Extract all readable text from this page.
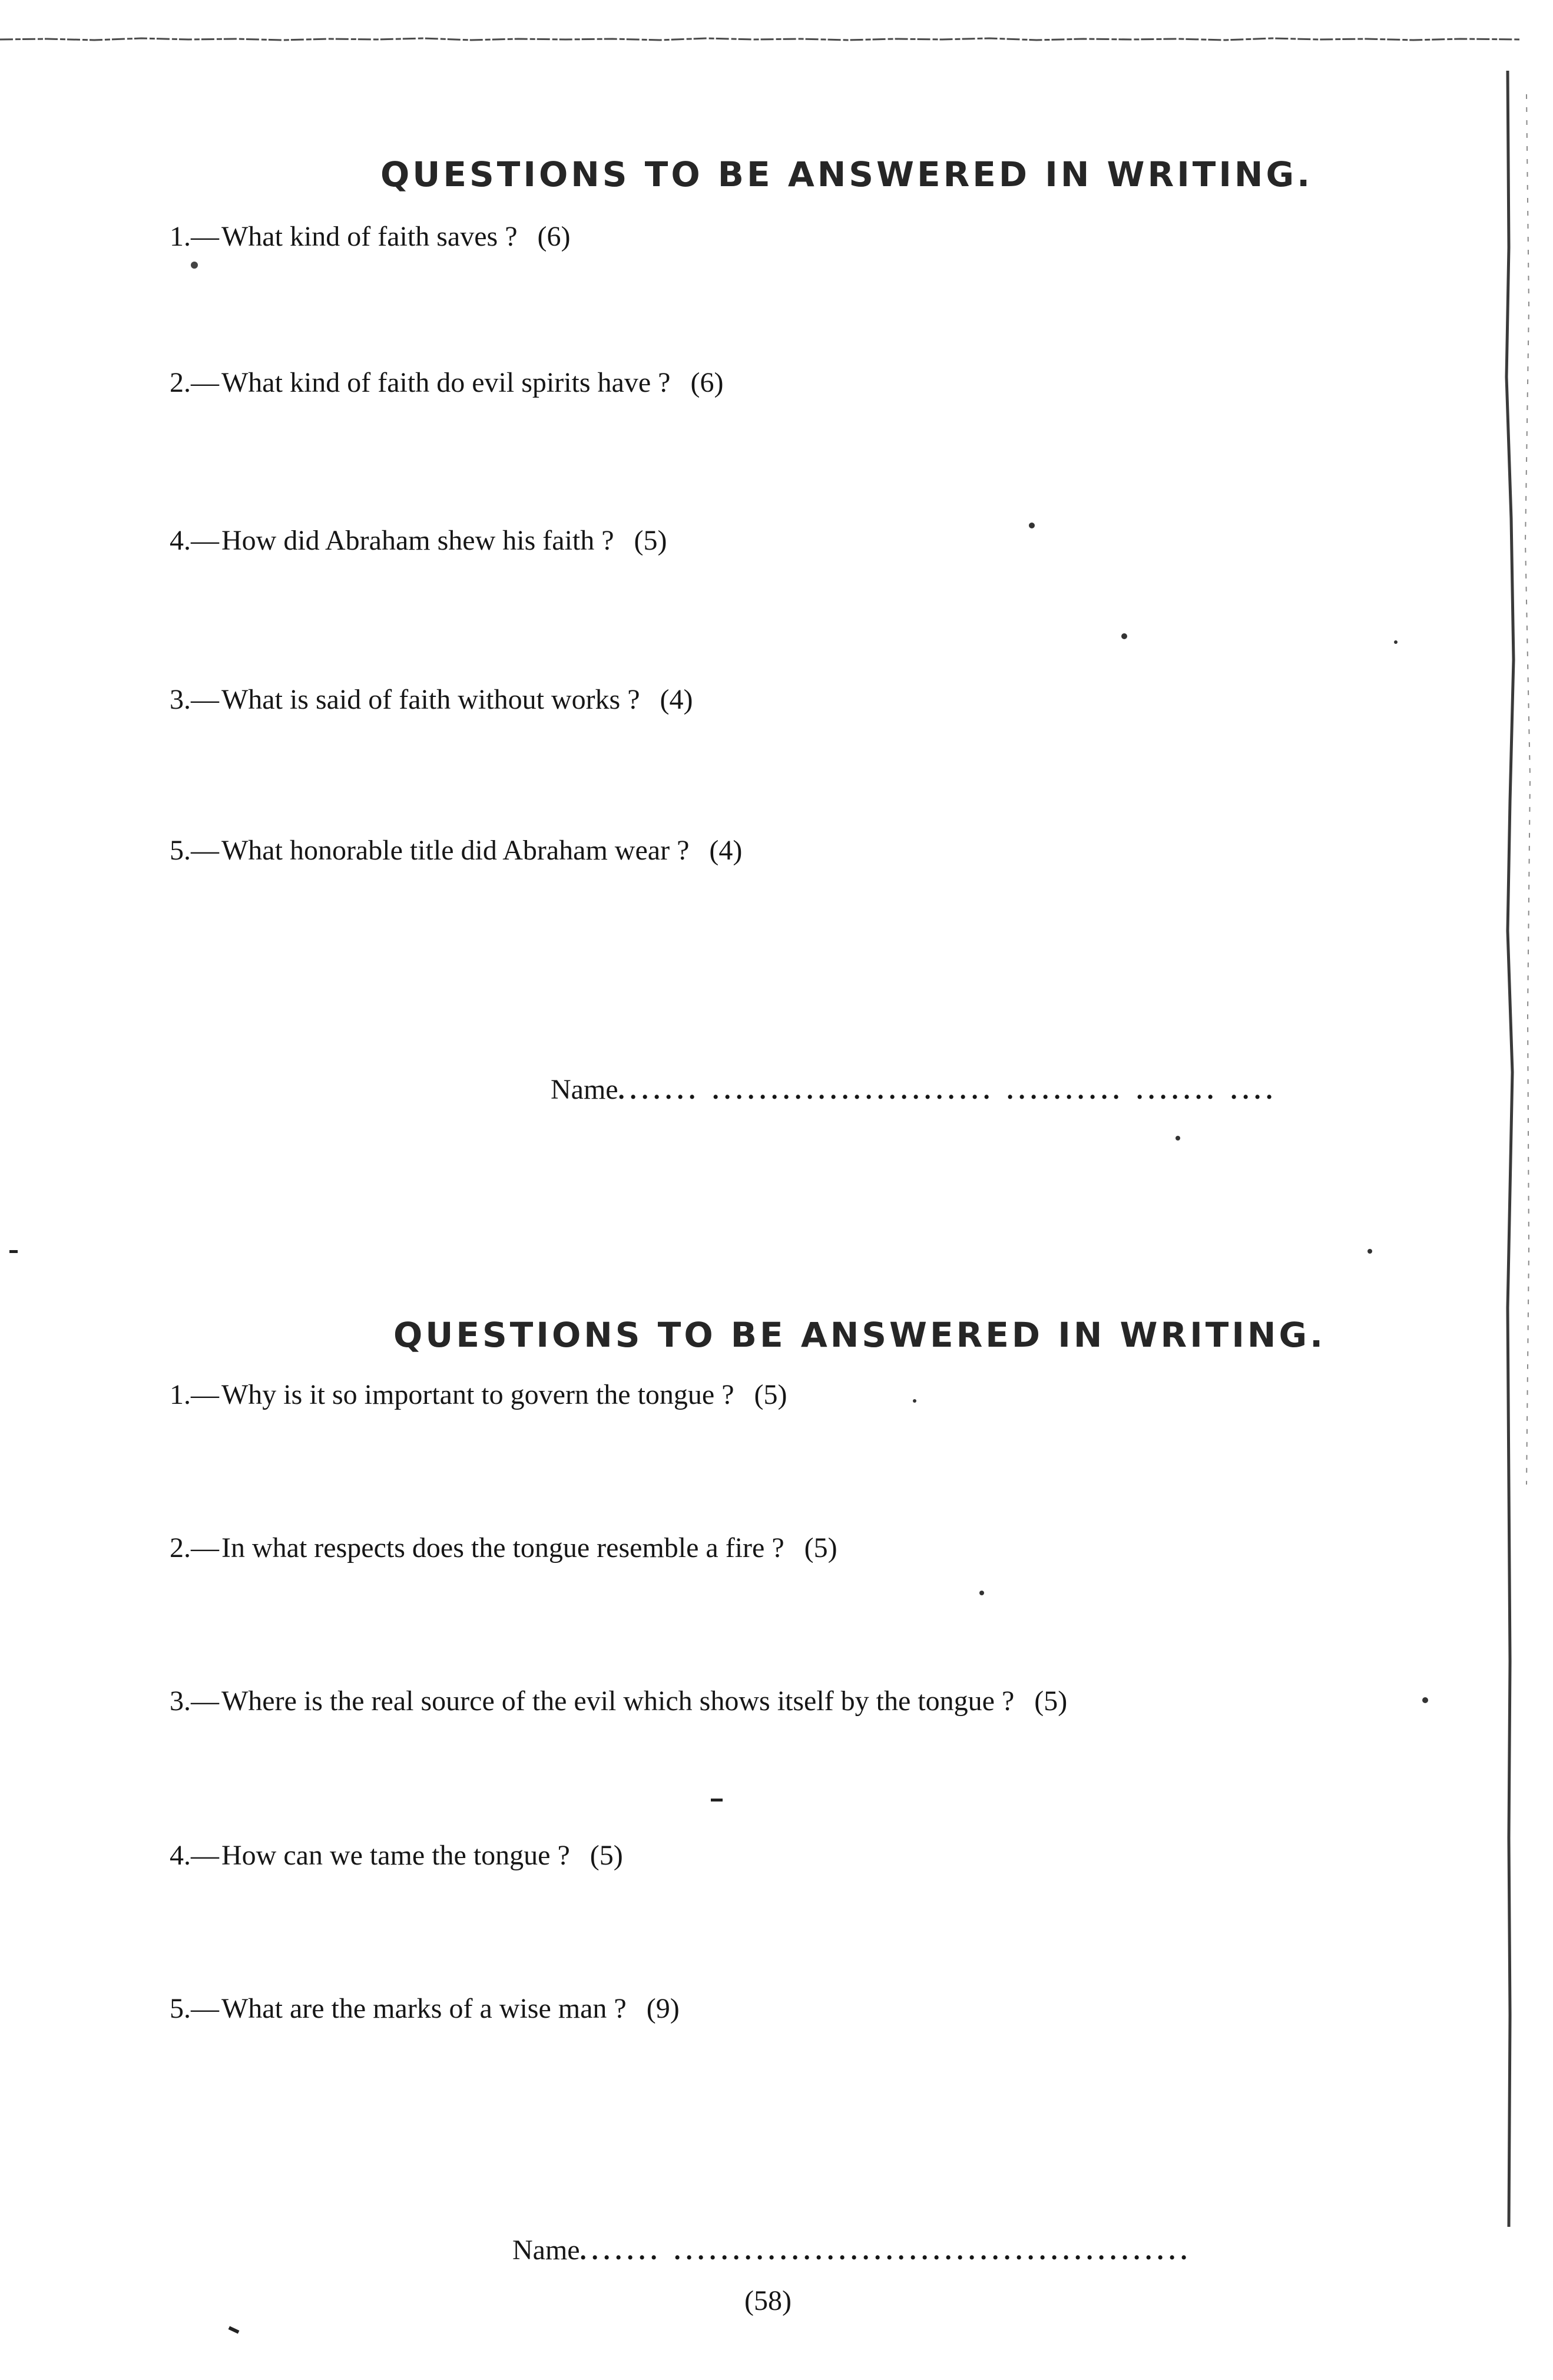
QUESTIONS TO BE ANSWERED IN WRITING.
1.—What kind of faith saves ? (6)
2.—What kind of faith do evil spirits have ? (6)
4.—How did Abraham shew his faith ? (5)
3.—What is said of faith without works ? (4)
5.—What honorable title did Abraham wear ? (4)
Name....... ........................ .......... ....... ....
QUESTIONS TO BE ANSWERED IN WRITING.
1.—Why is it so important to govern the tongue ? (5)
2.—In what respects does the tongue resemble a fire ? (5)
3.—Where is the real source of the evil which shows itself by the tongue ? (5)
4.—How can we tame the tongue ? (5)
5.—What are the marks of a wise man ? (9)
Name....... ............................................
(58)
